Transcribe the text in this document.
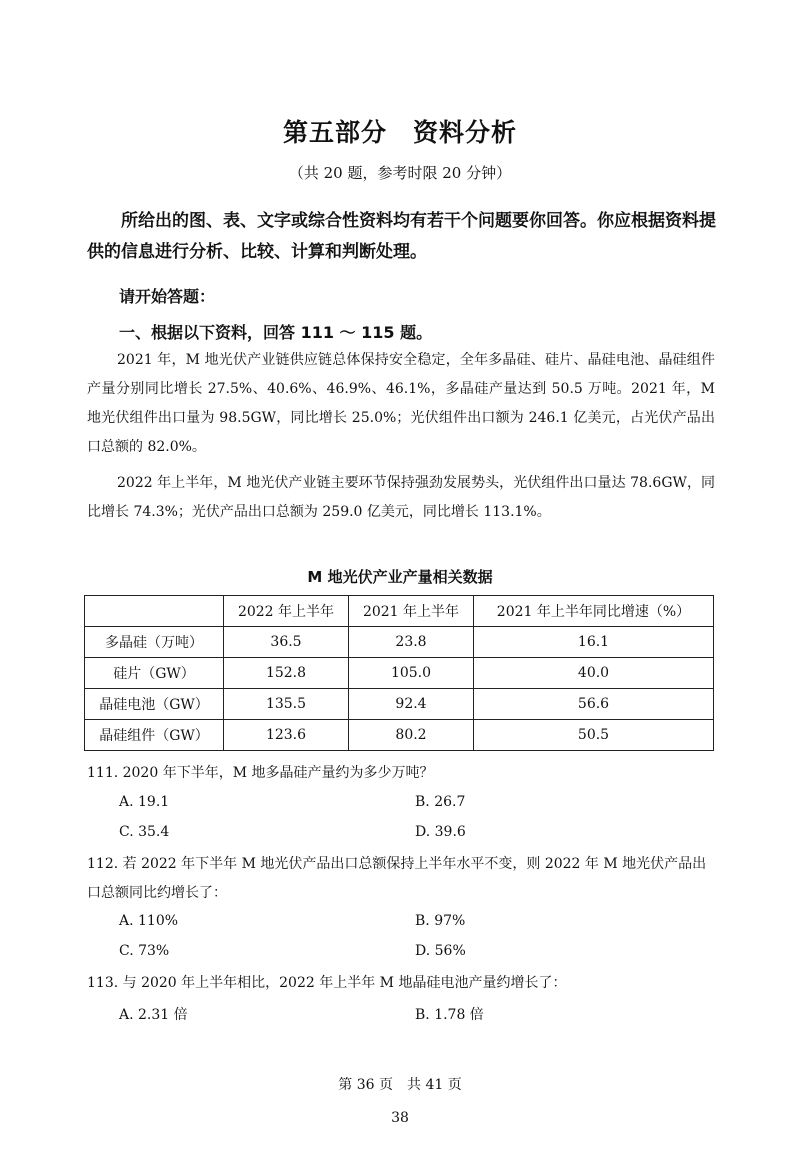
第五部分　资料分析
（共 20 题，参考时限 20 分钟）

所给出的图、表、文字或综合性资料均有若干个问题要你回答。你应根据资料提供的信息进行分析、比较、计算和判断处理。

请开始答题：
一、根据以下资料，回答 111 ～ 115 题。

2021 年，M 地光伏产业链供应链总体保持安全稳定，全年多晶硅、硅片、晶硅电池、晶硅组件产量分别同比增长 27.5%、40.6%、46.9%、46.1%，多晶硅产量达到 50.5 万吨。2021 年，M 地光伏组件出口量为 98.5GW，同比增长 25.0%；光伏组件出口额为 246.1 亿美元，占光伏产品出口总额的 82.0%。

2022 年上半年，M 地光伏产业链主要环节保持强劲发展势头，光伏组件出口量达 78.6GW，同比增长 74.3%；光伏产品出口总额为 259.0 亿美元，同比增长 113.1%。

M 地光伏产业产量相关数据
	2022 年上半年	2021 年上半年	2021 年上半年同比增速（%）
多晶硅（万吨）	36.5	23.8	16.1
硅片（GW）	152.8	105.0	40.0
晶硅电池（GW）	135.5	92.4	56.6
晶硅组件（GW）	123.6	80.2	50.5

111. 2020 年下半年，M 地多晶硅产量约为多少万吨？

A. 19.1	B. 26.7
C. 35.4	D. 39.6

112. 若 2022 年下半年 M 地光伏产品出口总额保持上半年水平不变，则 2022 年 M 地光伏产品出口总额同比约增长了：

A. 110%	B. 97%
C. 73%	D. 56%

113. 与 2020 年上半年相比，2022 年上半年 M 地晶硅电池产量约增长了：

A. 2.31 倍	B. 1.78 倍
第 36 页　共 41 页
38
